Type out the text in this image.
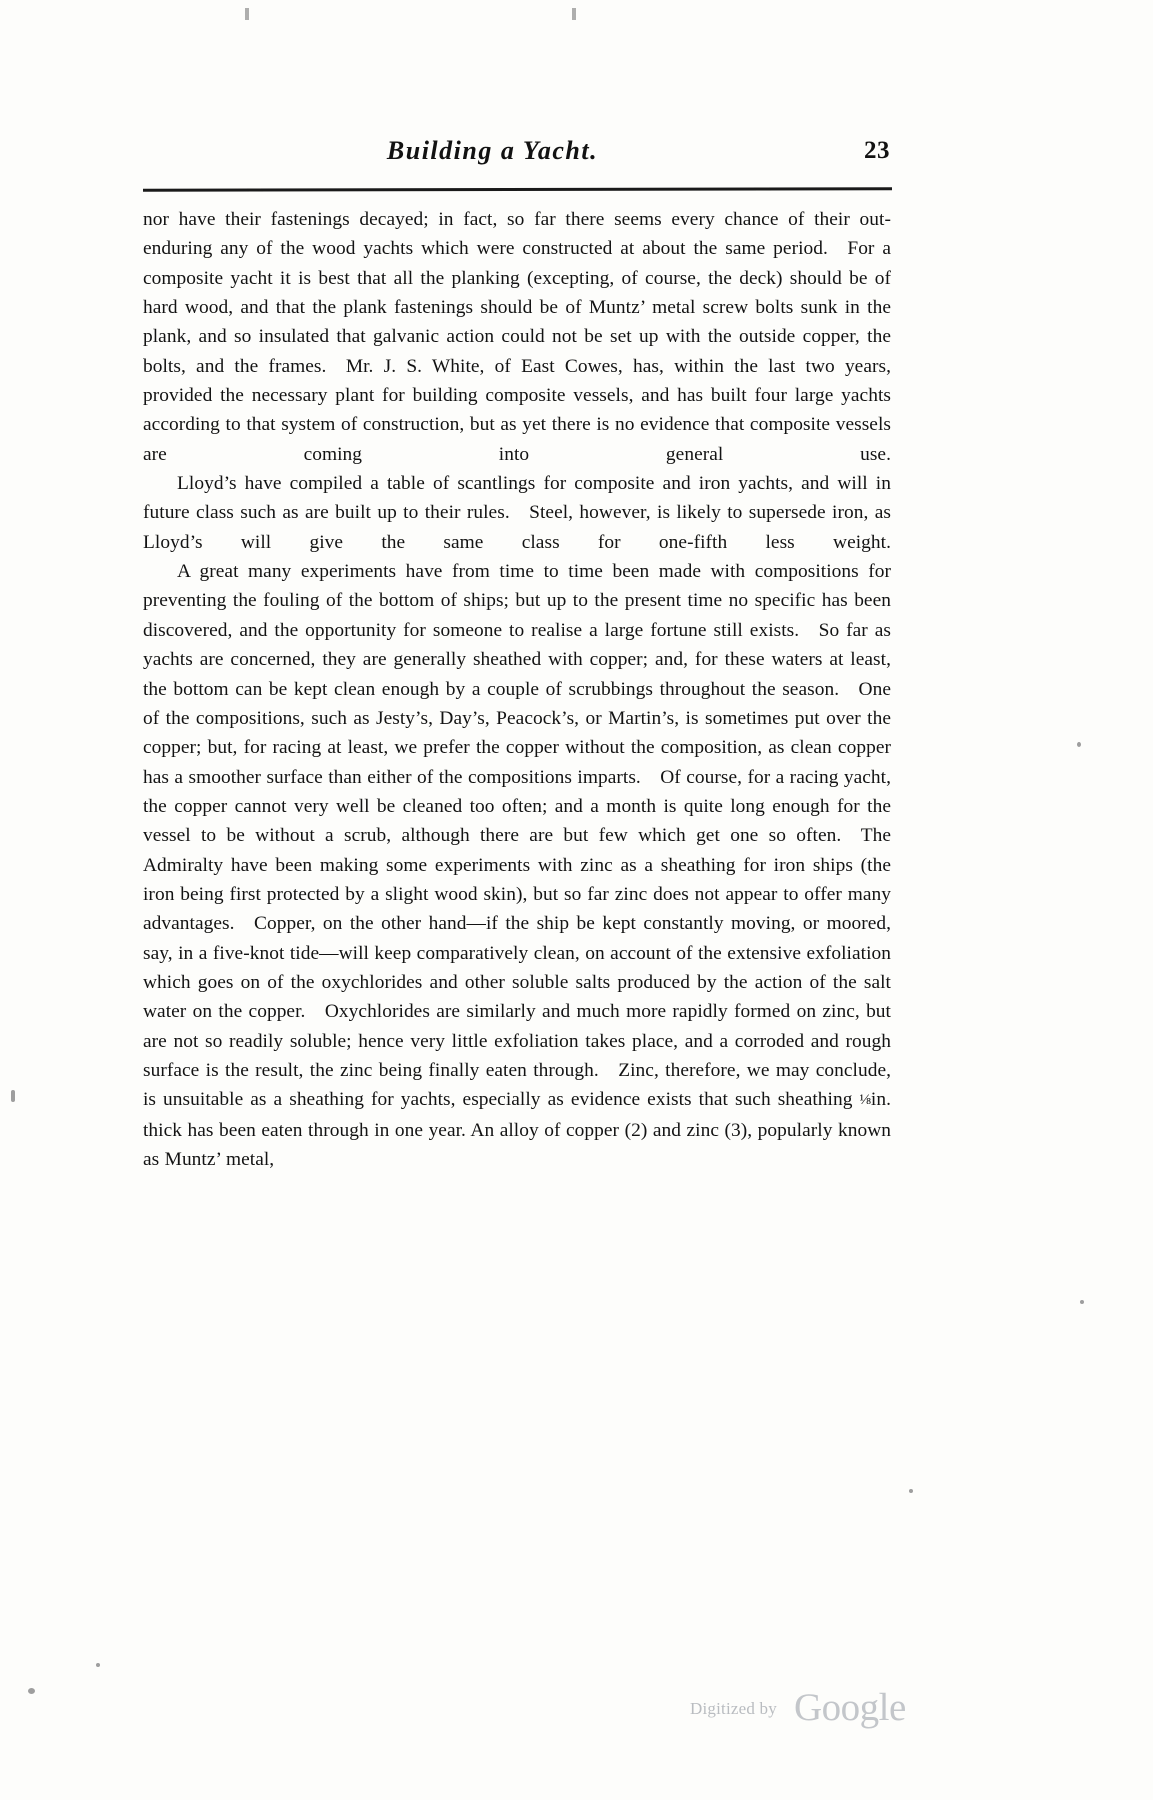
Building a Yacht.	23

nor have their fastenings decayed; in fact, so far there seems every chance of their out-enduring any of the wood yachts which were constructed at about the same period. For a composite yacht it is best that all the planking (excepting, of course, the deck) should be of hard wood, and that the plank fastenings should be of Muntz’ metal screw bolts sunk in the plank, and so insulated that galvanic action could not be set up with the outside copper, the bolts, and the frames. Mr. J. S. White, of East Cowes, has, within the last two years, provided the necessary plant for building composite vessels, and has built four large yachts according to that system of construction, but as yet there is no evidence that composite vessels are coming into general use.

Lloyd’s have compiled a table of scantlings for composite and iron yachts, and will in future class such as are built up to their rules. Steel, however, is likely to supersede iron, as Lloyd’s will give the same class for one-fifth less weight.

A great many experiments have from time to time been made with compositions for preventing the fouling of the bottom of ships; but up to the present time no specific has been discovered, and the opportunity for someone to realise a large fortune still exists. So far as yachts are concerned, they are generally sheathed with copper; and, for these waters at least, the bottom can be kept clean enough by a couple of scrubbings throughout the season. One of the compositions, such as Jesty’s, Day’s, Peacock’s, or Martin’s, is sometimes put over the copper; but, for racing at least, we prefer the copper without the composition, as clean copper has a smoother surface than either of the compositions imparts. Of course, for a racing yacht, the copper cannot very well be cleaned too often; and a month is quite long enough for the vessel to be without a scrub, although there are but few which get one so often. The Admiralty have been making some experiments with zinc as a sheathing for iron ships (the iron being first protected by a slight wood skin), but so far zinc does not appear to offer many advantages. Copper, on the other hand—if the ship be kept constantly moving, or moored, say, in a five-knot tide—will keep comparatively clean, on account of the extensive exfoliation which goes on of the oxychlorides and other soluble salts produced by the action of the salt water on the copper. Oxychlorides are similarly and much more rapidly formed on zinc, but are not so readily soluble; hence very little exfoliation takes place, and a corroded and rough surface is the result, the zinc being finally eaten through. Zinc, therefore, we may conclude, is unsuitable as a sheathing for yachts, especially as evidence exists that such sheathing ⅛in. thick has been eaten through in one year. An alloy of copper (2) and zinc (3), popularly known as Muntz’ metal,

Digitized by Google
